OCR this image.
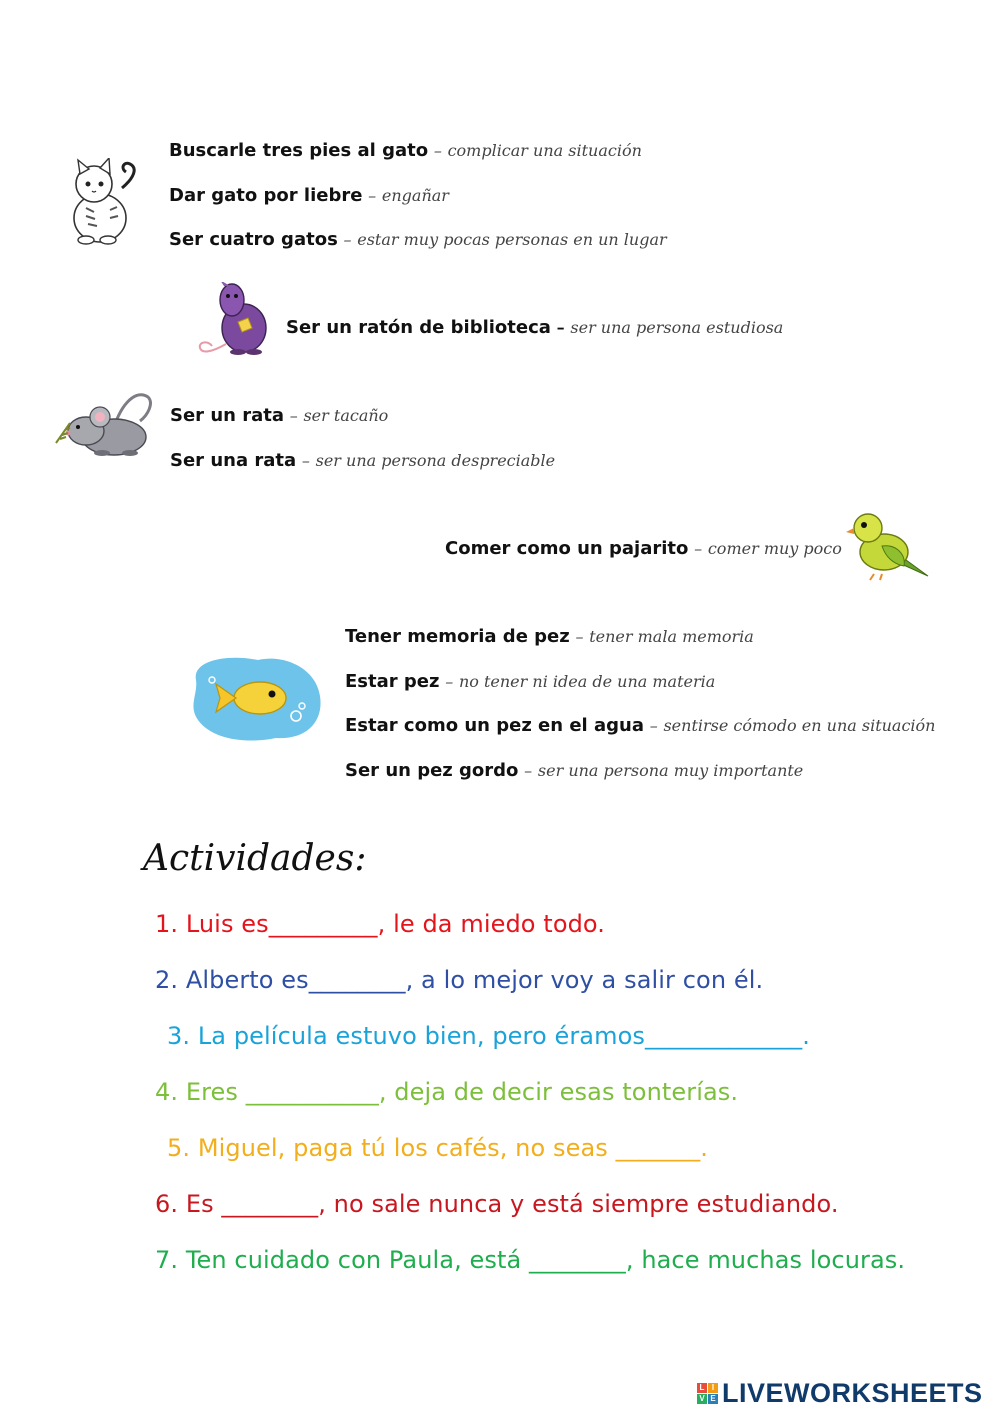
Buscarle tres pies al gato – complicar una situación
Dar gato por liebre – engañar
Ser cuatro gatos – estar muy pocas personas en un lugar
Ser un ratón de biblioteca – ser una persona estudiosa
Ser un rata – ser tacaño
Ser una rata – ser una persona despreciable
Comer como un pajarito – comer muy poco
Tener memoria de pez – tener mala memoria
Estar pez – no tener ni idea de una materia
Estar como un pez en el agua – sentirse cómodo en una situación
Ser un pez gordo – ser una persona muy importante
Actividades:
1. Luis es_________, le da miedo todo.
2. Alberto es________, a lo mejor voy a salir con él.
3. La película estuvo bien, pero éramos_____________.
4. Eres ___________, deja de decir esas tonterías.
5. Miguel, paga tú los cafés, no seas _______.
6. Es ________, no sale nunca y está siempre estudiando.
7. Ten cuidado con Paula, está ________, hace muchas locuras.
L I
V E LIVEWORKSHEETS
